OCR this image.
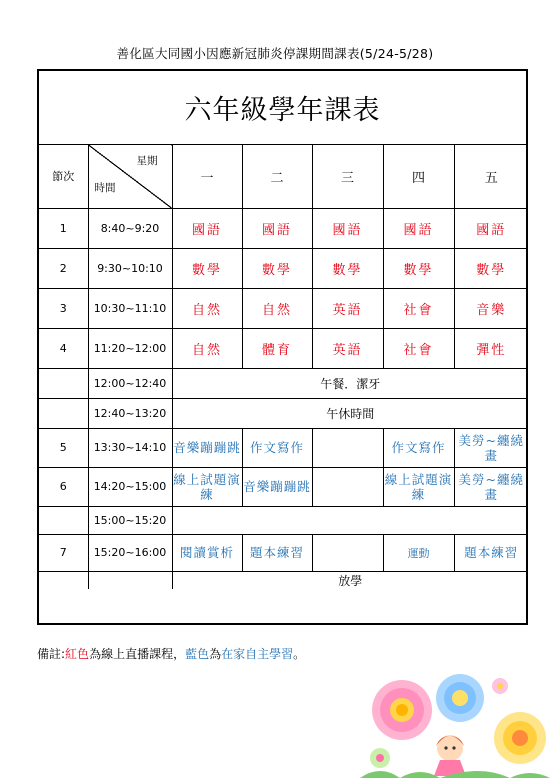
善化區大同國小因應新冠肺炎停課期間課表(5/24-5/28)
六年級學年課表
節次	星期
時間	一	二	三	四	五
1	8:40~9:20	國語	國語	國語	國語	國語
2	9:30~10:10	數學	數學	數學	數學	數學
3	10:30~11:10	自然	自然	英語	社會	音樂
4	11:20~12:00	自然	體育	英語	社會	彈性
	12:00~12:40	午餐．潔牙				
	12:40~13:20	午休時間				
5	13:30~14:10	音樂蹦蹦跳	作文寫作		作文寫作	美勞~纏繞畫
6	14:20~15:00	線上試題演練	音樂蹦蹦跳		線上試題演練	美勞~纏繞畫
	15:00~15:20					
7	15:20~16:00	閱讀賞析	題本練習		運動	題本練習
		放學				
備註:紅色為線上直播課程，藍色為在家自主學習。
